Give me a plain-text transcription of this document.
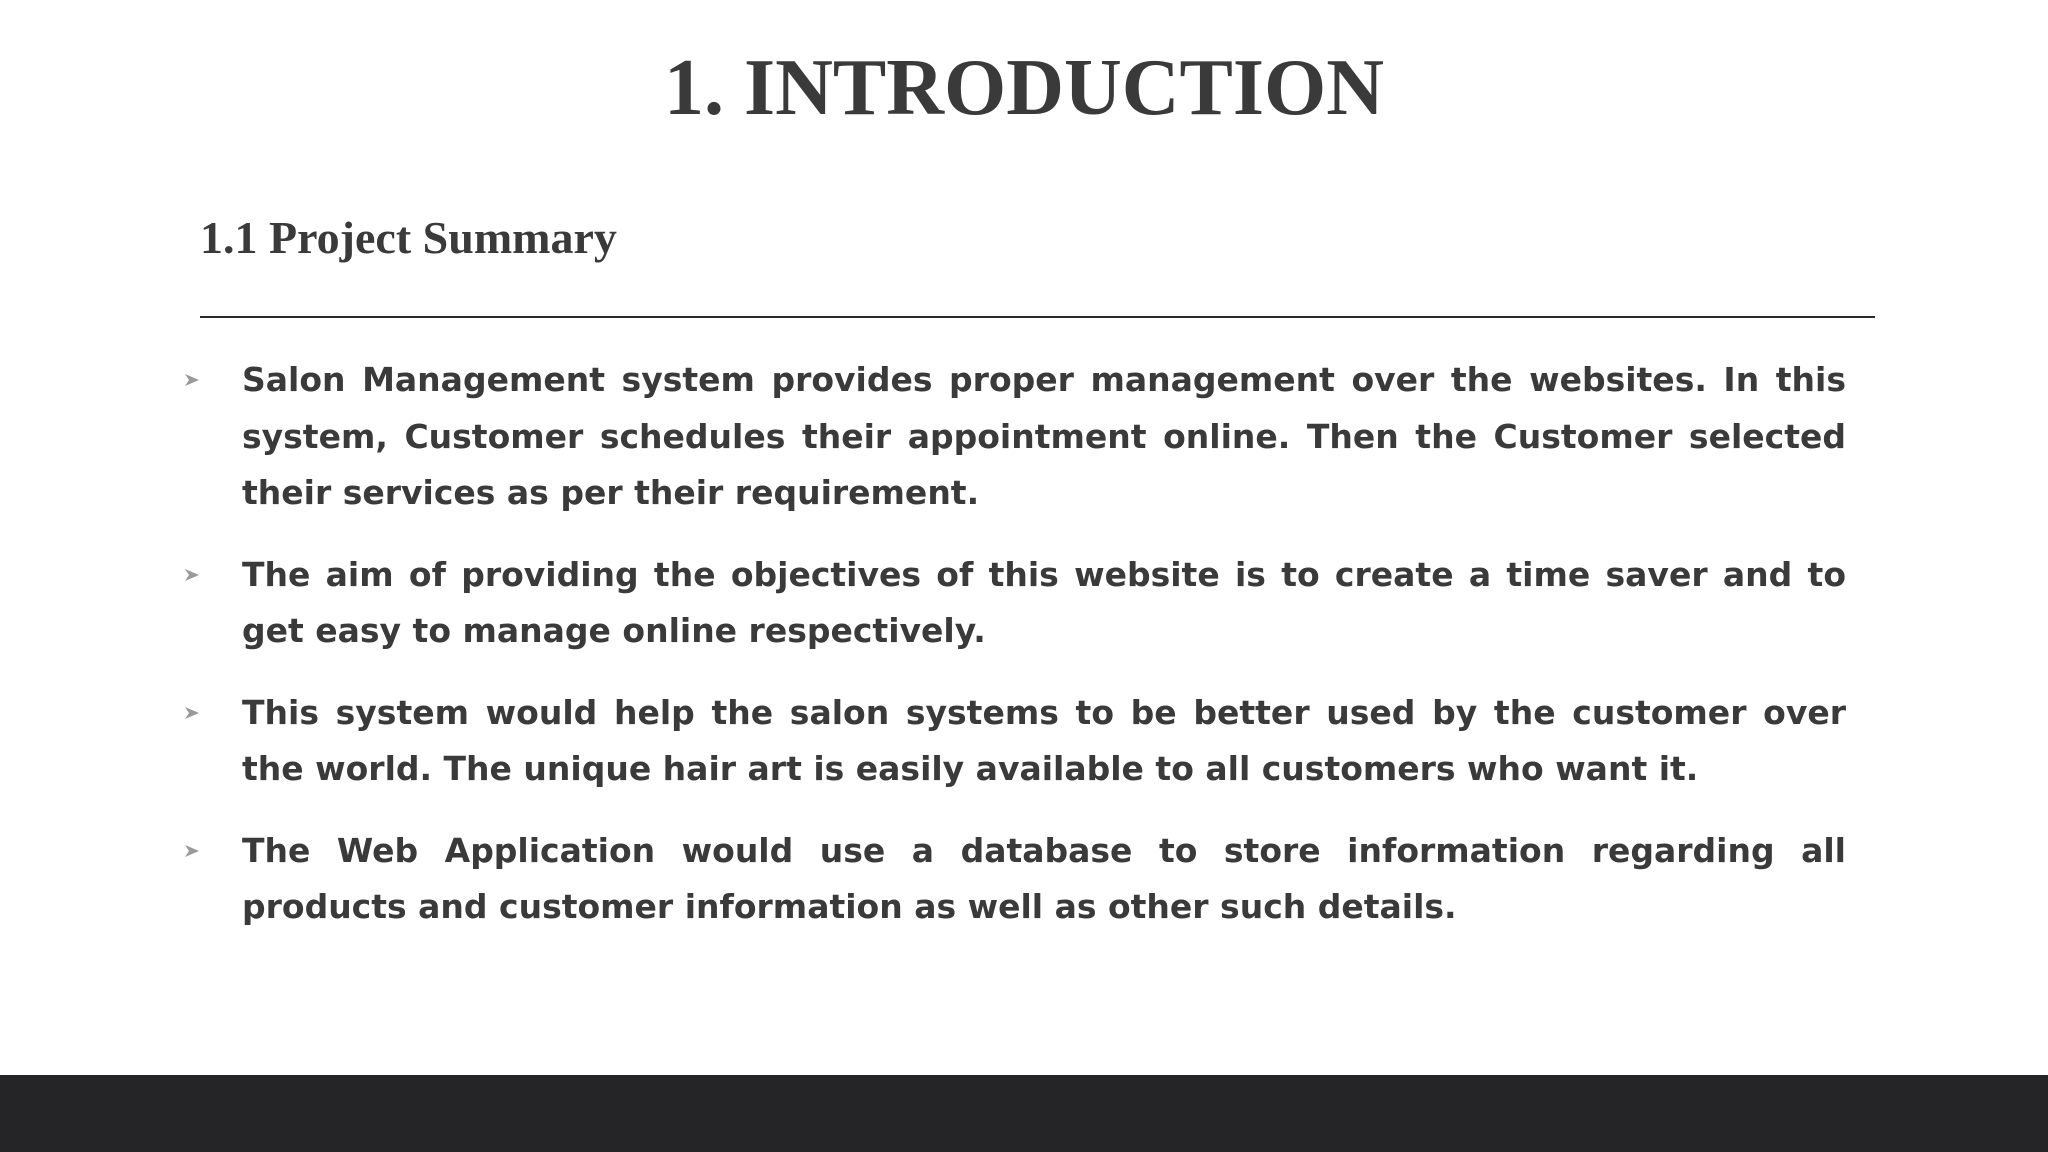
1. INTRODUCTION
1.1 Project Summary
Salon Management system provides proper management over the websites. In this system, Customer schedules their appointment online. Then the Customer selected their services as per their requirement.
The aim of providing the objectives of this website is to create a time saver and to get easy to manage online respectively.
This system would help the salon systems to be better used by the customer over the world. The unique hair art is easily available to all customers who want it.
The Web Application would use a database to store information regarding all products and customer information as well as other such details.
